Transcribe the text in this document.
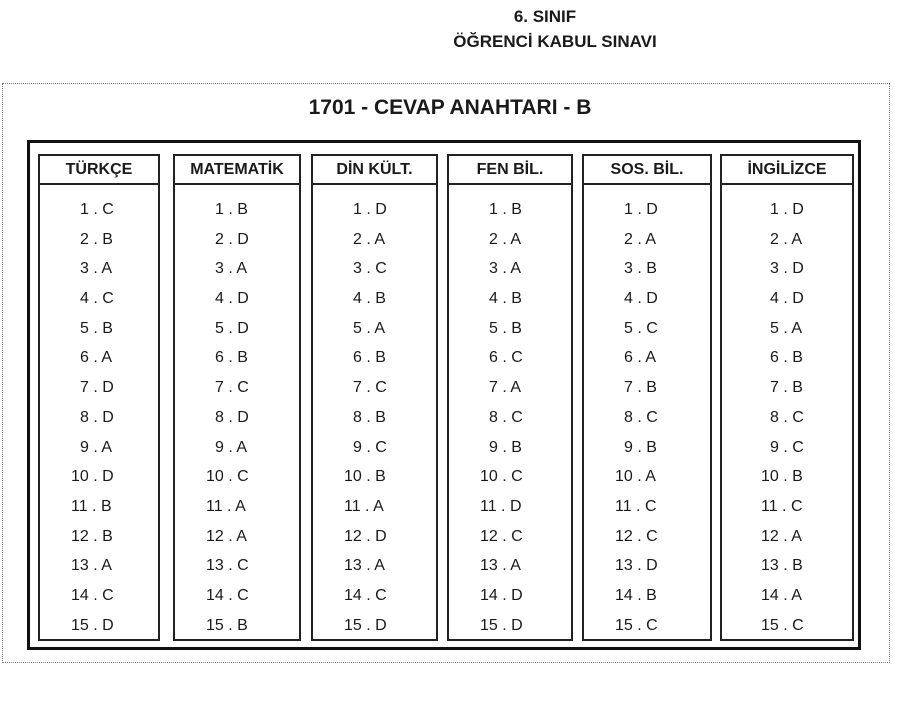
6. SINIF
ÖĞRENCİ KABUL SINAVI
1701 - CEVAP ANAHTARI - B
TÜRKÇE
1 . C
2 . B
3 . A
4 . C
5 . B
6 . A
7 . D
8 . D
9 . A
10 . D
11 . B
12 . B
13 . A
14 . C
15 . D
MATEMATİK
1 . B
2 . D
3 . A
4 . D
5 . D
6 . B
7 . C
8 . D
9 . A
10 . C
11 . A
12 . A
13 . C
14 . C
15 . B
DİN KÜLT.
1 . D
2 . A
3 . C
4 . B
5 . A
6 . B
7 . C
8 . B
9 . C
10 . B
11 . A
12 . D
13 . A
14 . C
15 . D
FEN BİL.
1 . B
2 . A
3 . A
4 . B
5 . B
6 . C
7 . A
8 . C
9 . B
10 . C
11 . D
12 . C
13 . A
14 . D
15 . D
SOS. BİL.
1 . D
2 . A
3 . B
4 . D
5 . C
6 . A
7 . B
8 . C
9 . B
10 . A
11 . C
12 . C
13 . D
14 . B
15 . C
İNGİLİZCE
1 . D
2 . A
3 . D
4 . D
5 . A
6 . B
7 . B
8 . C
9 . C
10 . B
11 . C
12 . A
13 . B
14 . A
15 . C
